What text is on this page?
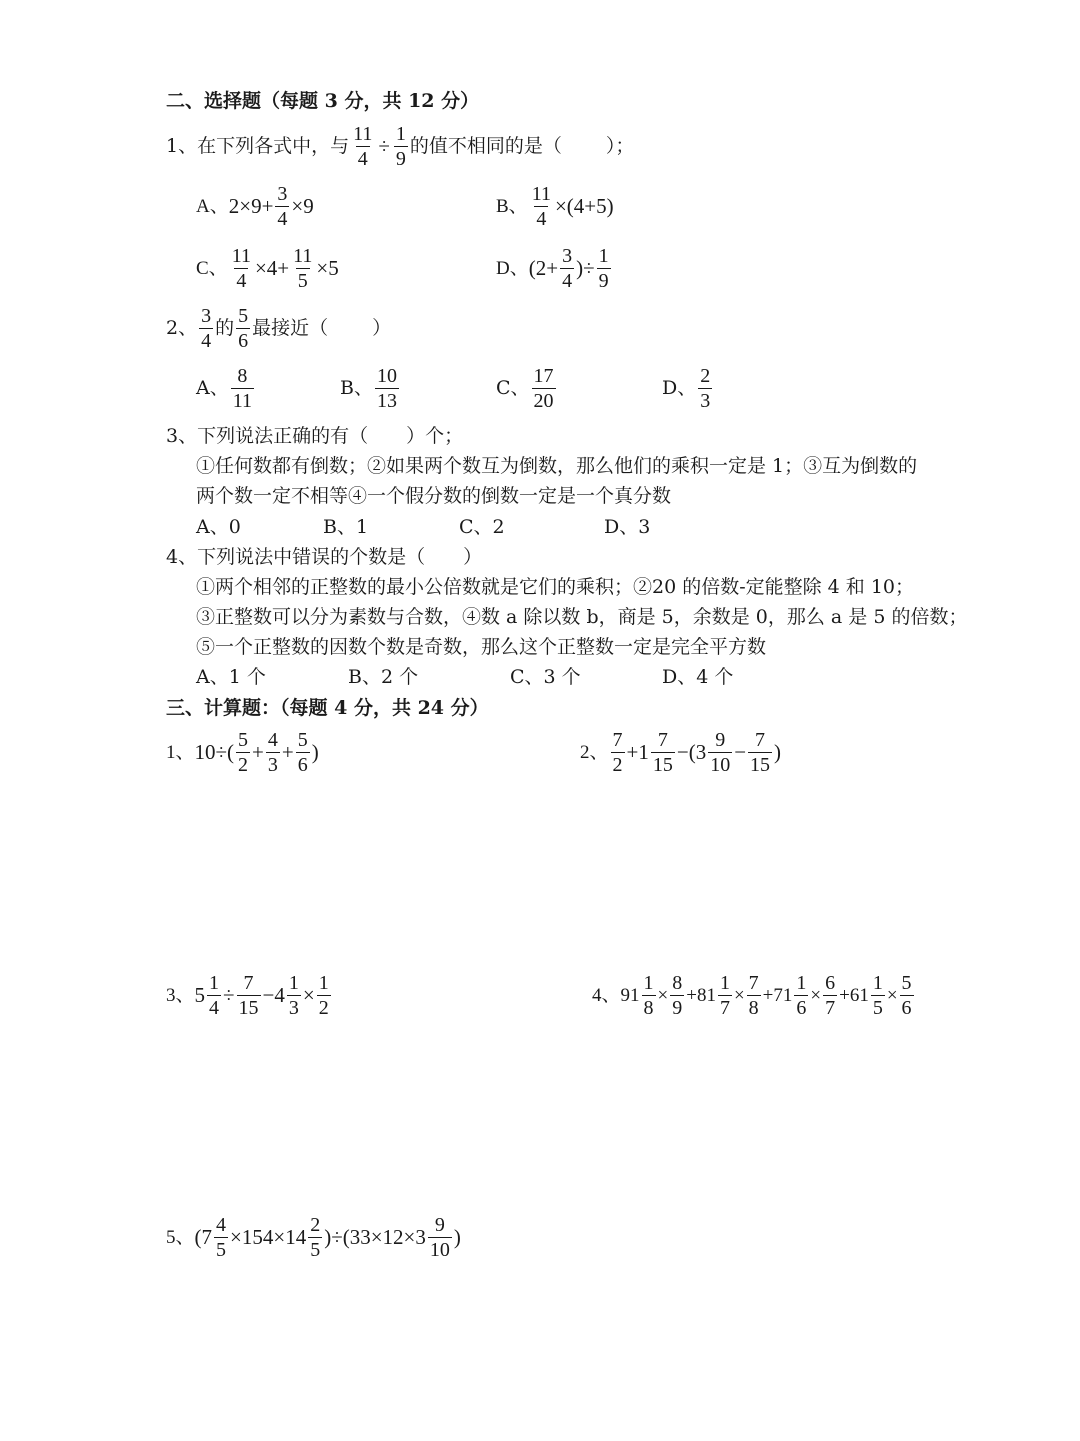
二、选择题（每题 3 分，共 12 分）
1、 在下列各式中，与 $\frac{11}{4} \div \frac{1}{9}$ 的值不相同的是（ ）；
A、 $2\times 9+ \frac{3}{4} \times 9$	B、 $\frac{11}{4} \times(4+5)$
C、 $\frac{11}{4} \times 4+ \frac{11}{5} \times 5$	D、 ($2+ \frac{3}{4}$ )÷ $\frac{1}{9}$
2、 $\frac{3}{4}$ 的 $\frac{5}{6}$ 最接近（ ）
A、 $\frac{8}{11}$	B、 $\frac{10}{13}$	C、 $\frac{17}{20}$	D、 $\frac{2}{3}$
3、下列说法正确的有（　　）个；
①任何数都有倒数；②如果两个数互为倒数，那么他们的乘积一定是 1；③互为倒数的
两个数一定不相等④一个假分数的倒数一定是一个真分数
A、0	B、1	C、2	D、3
4、下列说法中错误的个数是（　　）
①两个相邻的正整数的最小公倍数就是它们的乘积；②20 的倍数-定能整除 4 和 10；
③正整数可以分为素数与合数，④数 a 除以数 b，商是 5，余数是 0，那么 a 是 5 的倍数；
⑤一个正整数的因数个数是奇数，那么这个正整数一定是完全平方数
A、1 个	B、2 个	C、3 个	D、4 个
三、计算题：（每题 4 分，共 24 分）
1、 $10\div( \frac{5}{2} + \frac{4}{3} + \frac{5}{6}$ )	2、 $\frac{7}{2} +1 \frac{7}{15} -(3 \frac{9}{10} - \frac{7}{15}$ )
3、 $5 \frac{1}{4} \div \frac{7}{15} -4 \frac{1}{3} \times \frac{1}{2}$	4、 $91 \frac{1}{8} \times \frac{8}{9} +81 \frac{1}{7} \times \frac{7}{8} +71 \frac{1}{6} \times \frac{6}{7} +61 \frac{1}{5} \times \frac{5}{6}$
5、 $(7 \frac{4}{5} \times 154\times 14 \frac{2}{5} )\div(33\times 12\times 3 \frac{9}{10}$ )
